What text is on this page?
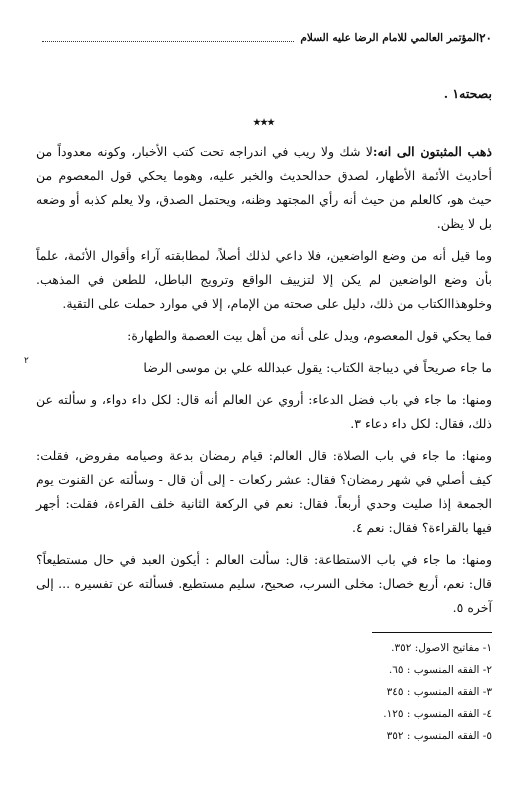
٢٠
المؤتمر العالمي للامام الرضا عليه السلام
بصحته١ .
٭٭٭

ذهب المثبتون الى انه:لا شك ولا ريب في اندراجه تحت كتب الأخبار، وكونه معدوداً من أحاديث الأئمة الأطهار، لصدق حدالحديث والخبر عليه، وهوما يحكي قول المعصوم من حيث هو، كالعلم من حيث أنه رأي المجتهد وظنه، ويحتمل الصدق، ولا يعلم كذبه أو وضعه بل لا يظن.

وما قيل أنه من وضع الواضعين، فلا داعي لذلك أصلاً، لمطابقته آراء وأقوال الأئمة، علماً بأن وضع الواضعين لم يكن إلا لتزييف الواقع وترويج الباطل، للطعن في المذهب. وخلوهذاالكتاب من ذلك، دليل على صحته من الإمام، إلا في موارد حملت على التقية.

فما يحكي قول المعصوم، ويدل على أنه من أهل بيت العصمة والطهارة:

ما جاء صريحاً في ديباجة الكتاب: يقول عبدالله علي بن موسى الرضا

ومنها: ما جاء في باب فضل الدعاء: أروي عن العالم أنه قال: لكل داء دواء، و سألته عن ذلك، فقال: لكل داء دعاء ٣.

ومنها: ما جاء في باب الصلاة: قال العالم: قيام رمضان بدعة وصيامه مفروض، فقلت: كيف أصلي في شهر رمضان؟ فقال: عشر ركعات - إلى أن قال - وسألته عن القنوت يوم الجمعة إذا صليت وحدي أربعاً. فقال: نعم في الركعة الثانية خلف القراءة، فقلت: أجهر فيها بالقراءة؟ فقال: نعم ٤.

ومنها: ما جاء في باب الاستطاعة: قال: سألت العالم : أيكون العبد في حال مستطيعاً؟ قال: نعم، أربع خصال: مخلى السرب، صحيح، سليم مستطيع. فسألته عن تفسيره ... إلى آخره ٥.

٢
١- مفاتيح الاصول: ٣٥٢.
٢- الفقه المنسوب : ٦٥.
٣- الفقه المنسوب : ٣٤٥
٤- الفقه المنسوب : ١٢٥.
٥- الفقه المنسوب : ٣٥٢
